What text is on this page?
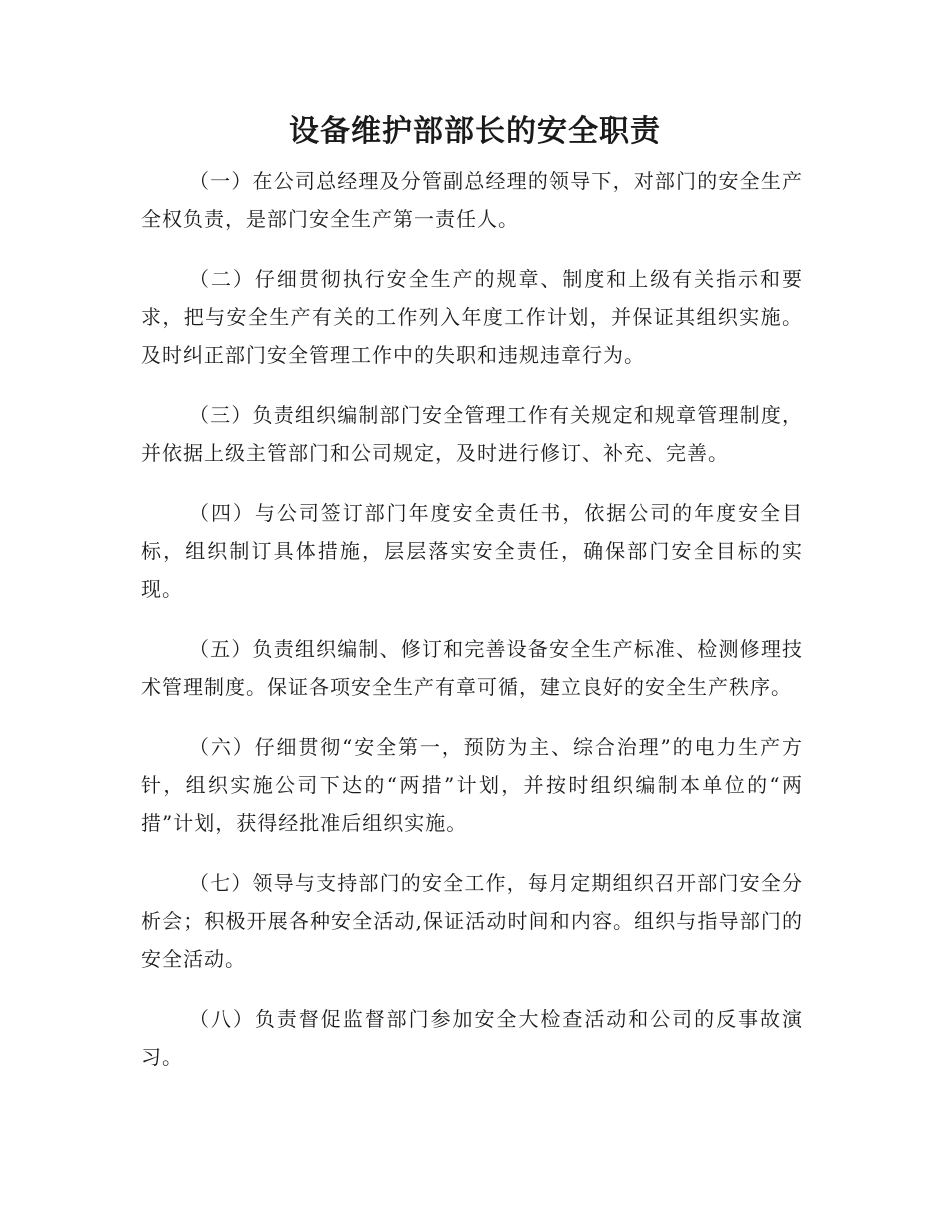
设备维护部部长的安全职责

（一）在公司总经理及分管副总经理的领导下，对部门的安全生产全权负责，是部门安全生产第一责任人。

（二）仔细贯彻执行安全生产的规章、制度和上级有关指示和要求，把与安全生产有关的工作列入年度工作计划，并保证其组织实施。及时纠正部门安全管理工作中的失职和违规违章行为。

（三）负责组织编制部门安全管理工作有关规定和规章管理制度，并依据上级主管部门和公司规定，及时进行修订、补充、完善。

（四）与公司签订部门年度安全责任书，依据公司的年度安全目标，组织制订具体措施，层层落实安全责任，确保部门安全目标的实现。

（五）负责组织编制、修订和完善设备安全生产标准、检测修理技术管理制度。保证各项安全生产有章可循，建立良好的安全生产秩序。

（六）仔细贯彻“安全第一，预防为主、综合治理”的电力生产方针，组织实施公司下达的“两措”计划，并按时组织编制本单位的“两措”计划，获得经批准后组织实施。

（七）领导与支持部门的安全工作，每月定期组织召开部门安全分析会；积极开展各种安全活动,保证活动时间和内容。组织与指导部门的安全活动。

（八）负责督促监督部门参加安全大检查活动和公司的反事故演习。
